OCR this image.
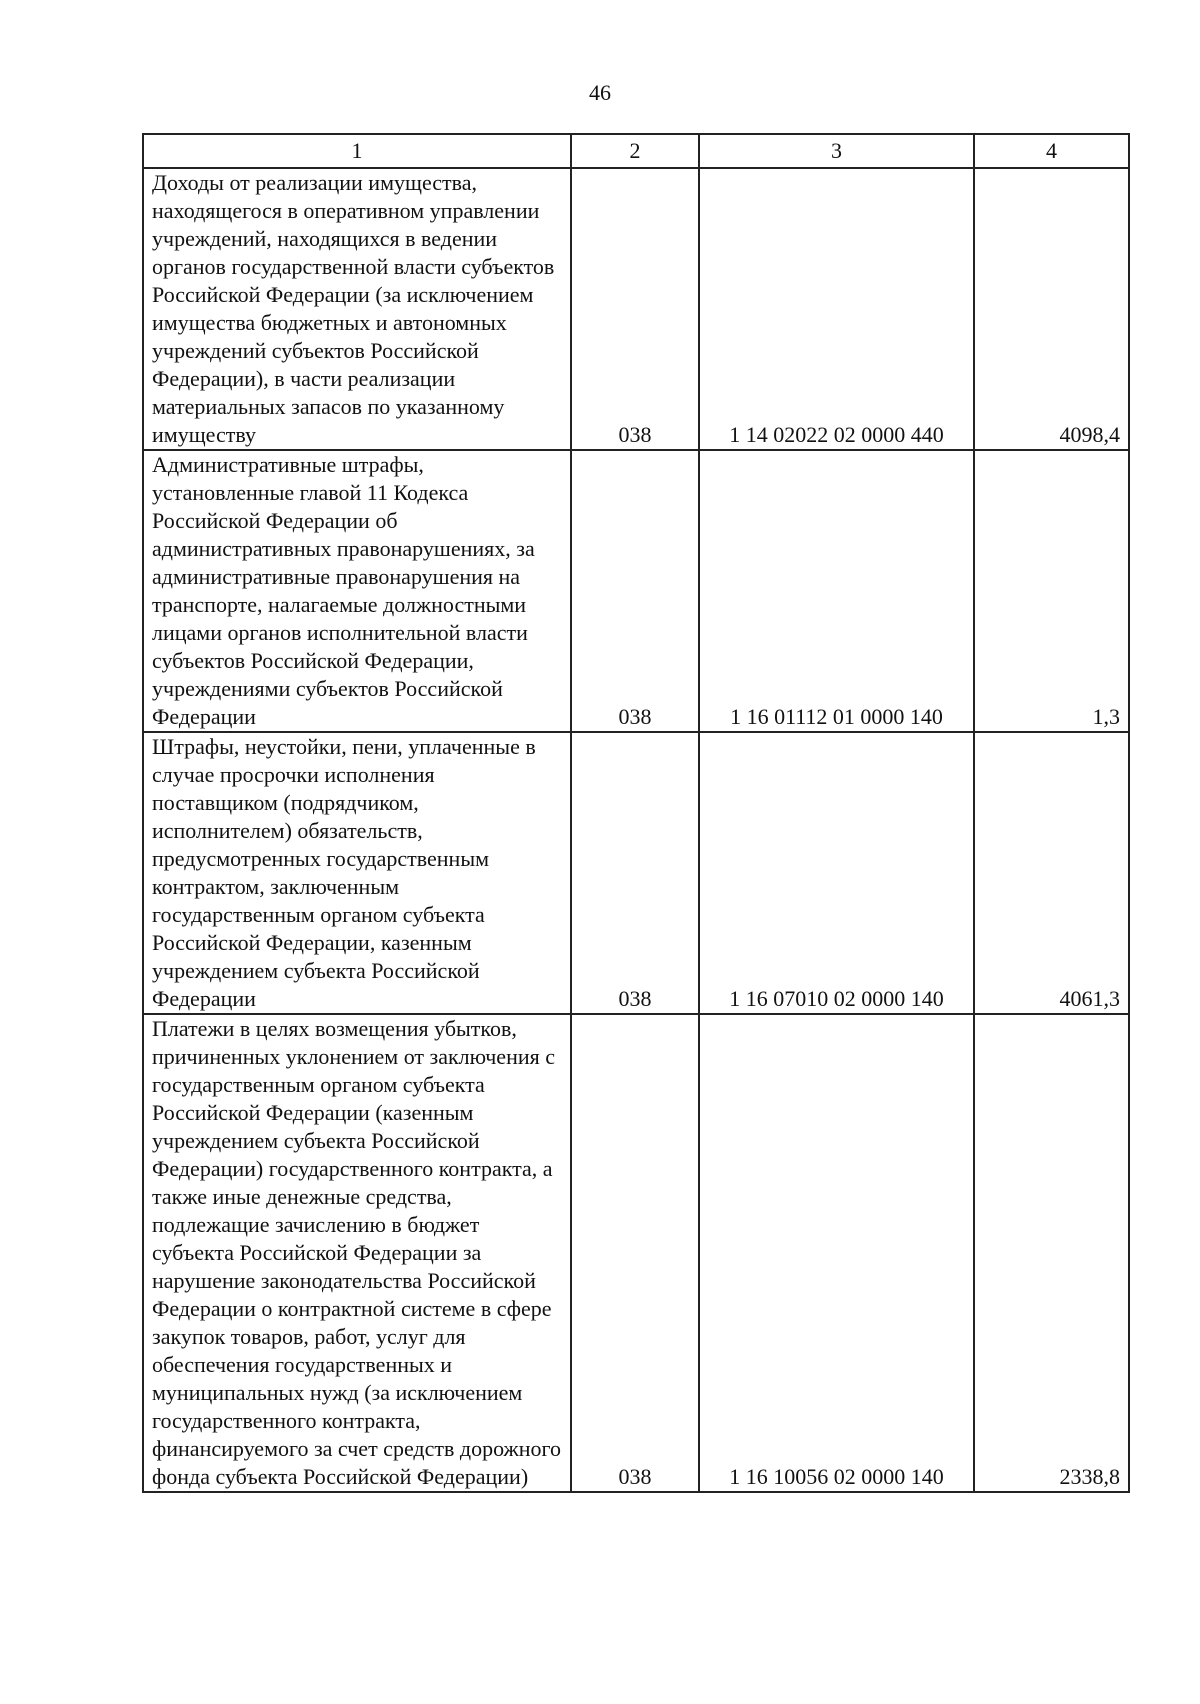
46
1	2	3	4
Доходы от реализации имущества, находящегося в оперативном управлении учреждений, находящихся в ведении органов государственной власти субъектов Российской Федерации (за исключением имущества бюджетных и автономных учреждений субъектов Российской Федерации), в части реализации материальных запасов по указанному имуществу	038	1 14 02022 02 0000 440	4098,4
Административные штрафы, установленные главой 11 Кодекса Российской Федерации об административных правонарушениях, за административные правонарушения на транспорте, налагаемые должностными лицами органов исполнительной власти субъектов Российской Федерации, учреждениями субъектов Российской Федерации	038	1 16 01112 01 0000 140	1,3
Штрафы, неустойки, пени, уплаченные в случае просрочки исполнения поставщиком (подрядчиком, исполнителем) обязательств, предусмотренных государственным контрактом, заключенным государственным органом субъекта Российской Федерации, казенным учреждением субъекта Российской Федерации	038	1 16 07010 02 0000 140	4061,3
Платежи в целях возмещения убытков, причиненных уклонением от заключения с государственным органом субъекта Российской Федерации (казенным учреждением субъекта Российской Федерации) государственного контракта, а также иные денежные средства, подлежащие зачислению в бюджет субъекта Российской Федерации за нарушение законодательства Российской Федерации о контрактной системе в сфере закупок товаров, работ, услуг для обеспечения государственных и муниципальных нужд (за исключением государственного контракта, финансируемого за счет средств дорожного фонда субъекта Российской Федерации)	038	1 16 10056 02 0000 140	2338,8
